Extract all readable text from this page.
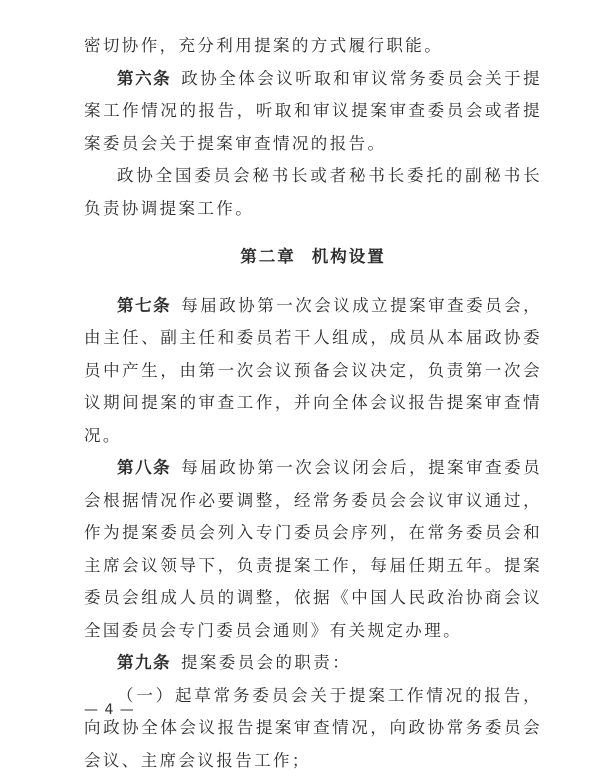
密切协作，充分利用提案的方式履行职能。

第六条 政协全体会议听取和审议常务委员会关于提案工作情况的报告，听取和审议提案审查委员会或者提案委员会关于提案审查情况的报告。

政协全国委员会秘书长或者秘书长委托的副秘书长负责协调提案工作。

第二章 机构设置

第七条 每届政协第一次会议成立提案审查委员会，由主任、副主任和委员若干人组成，成员从本届政协委员中产生，由第一次会议预备会议决定，负责第一次会议期间提案的审查工作，并向全体会议报告提案审查情况。

第八条 每届政协第一次会议闭会后，提案审查委员会根据情况作必要调整，经常务委员会会议审议通过，作为提案委员会列入专门委员会序列，在常务委员会和主席会议领导下，负责提案工作，每届任期五年。提案委员会组成人员的调整，依据《中国人民政治协商会议全国委员会专门委员会通则》有关规定办理。

第九条 提案委员会的职责：

（一）起草常务委员会关于提案工作情况的报告，向政协全体会议报告提案审查情况，向政协常务委员会会议、主席会议报告工作；

— 4 —
